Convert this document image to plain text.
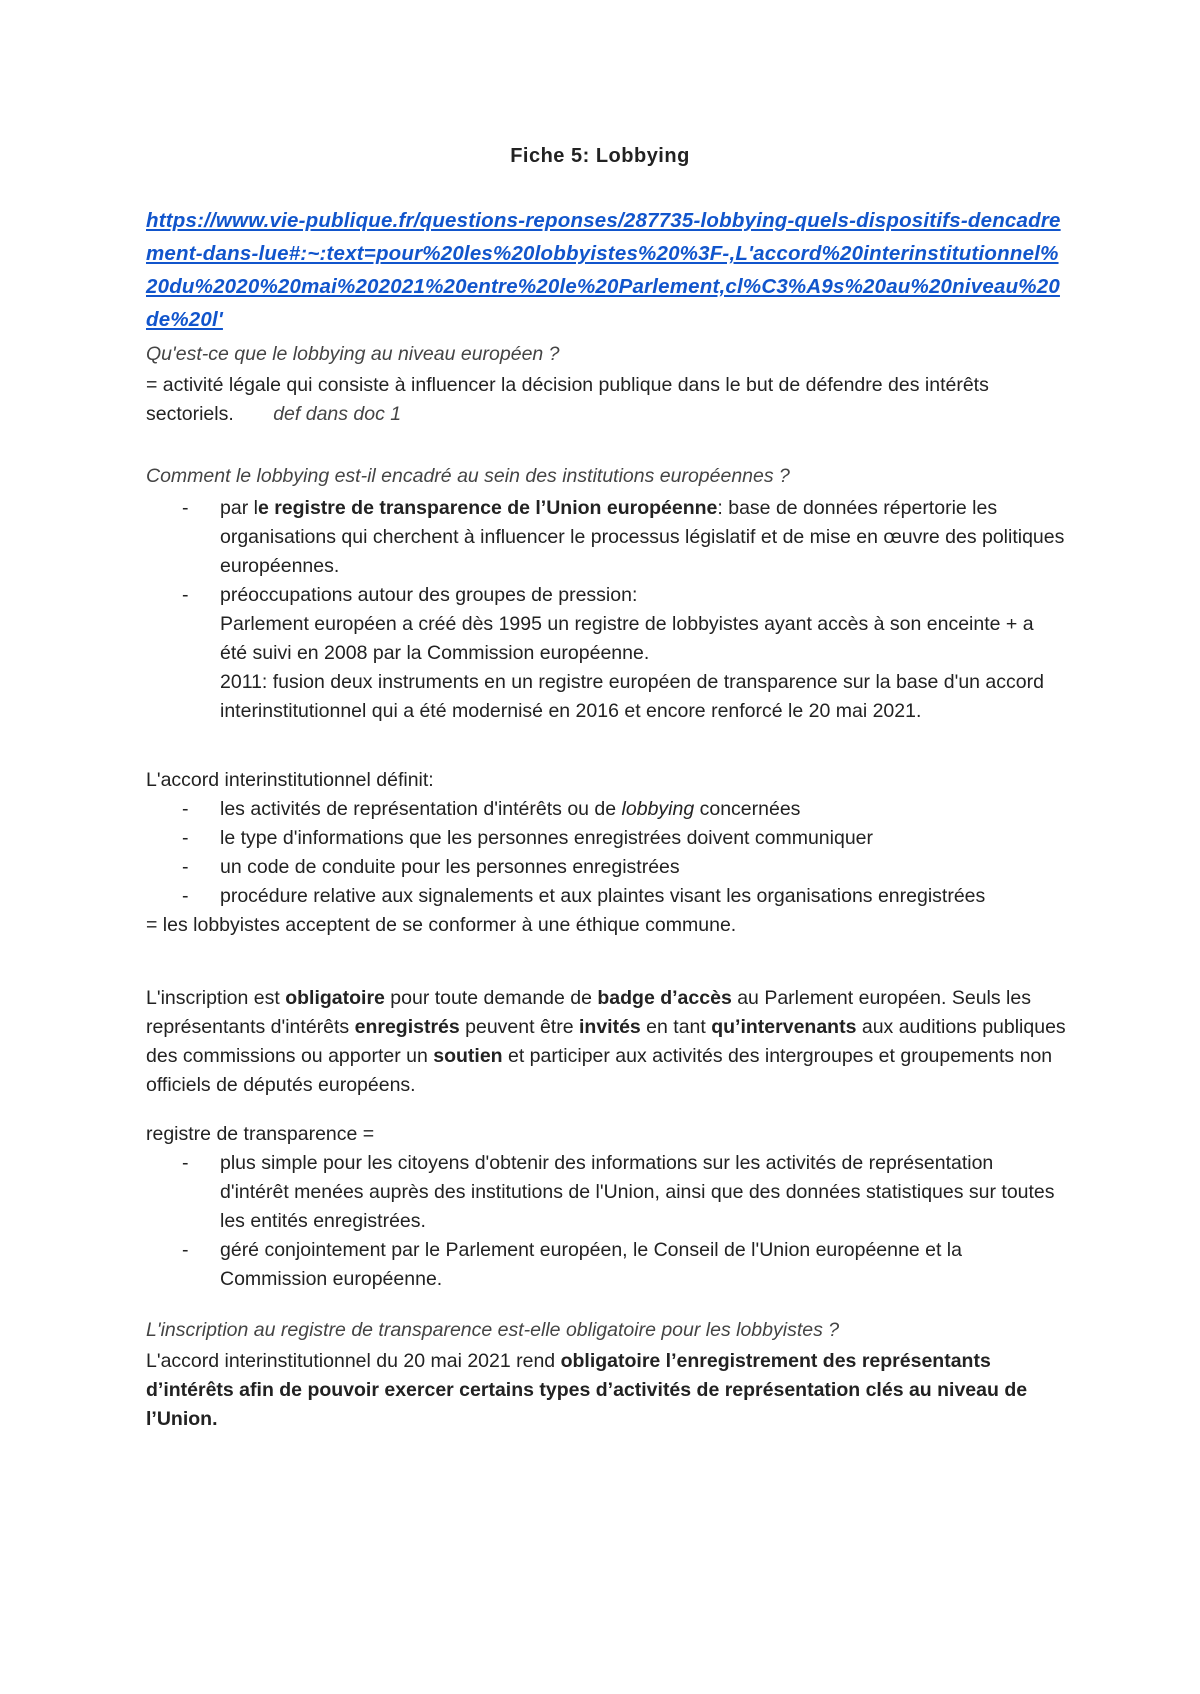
Fiche 5: Lobbying
https://www.vie-publique.fr/questions-reponses/287735-lobbying-quels-dispositifs-dencadrement-dans-lue#:~:text=pour%20les%20lobbyistes%20%3F-,L'accord%20interinstitutionnel%20du%2020%20mai%202021%20entre%20le%20Parlement,cl%C3%A9s%20au%20niveau%20de%20l'
Qu'est-ce que le lobbying au niveau européen ?
= activité légale qui consiste à influencer la décision publique dans le but de défendre des intérêts sectoriels. def dans doc 1
Comment le lobbying est-il encadré au sein des institutions européennes ?
- par le registre de transparence de l’Union européenne: base de données répertorie les organisations qui cherchent à influencer le processus législatif et de mise en œuvre des politiques européennes.
- préoccupations autour des groupes de pression:
Parlement européen a créé dès 1995 un registre de lobbyistes ayant accès à son enceinte + a été suivi en 2008 par la Commission européenne.
2011: fusion deux instruments en un registre européen de transparence sur la base d'un accord interinstitutionnel qui a été modernisé en 2016 et encore renforcé le 20 mai 2021.
L'accord interinstitutionnel définit:
- les activités de représentation d'intérêts ou de lobbying concernées
- le type d'informations que les personnes enregistrées doivent communiquer
- un code de conduite pour les personnes enregistrées
- procédure relative aux signalements et aux plaintes visant les organisations enregistrées
= les lobbyistes acceptent de se conformer à une éthique commune.

L'inscription est obligatoire pour toute demande de badge d’accès au Parlement européen. Seuls les représentants d'intérêts enregistrés peuvent être invités en tant qu’intervenants aux auditions publiques des commissions ou apporter un soutien et participer aux activités des intergroupes et groupements non officiels de députés européens.

registre de transparence =
- plus simple pour les citoyens d'obtenir des informations sur les activités de représentation d'intérêt menées auprès des institutions de l'Union, ainsi que des données statistiques sur toutes les entités enregistrées.
- géré conjointement par le Parlement européen, le Conseil de l'Union européenne et la Commission européenne.
L'inscription au registre de transparence est-elle obligatoire pour les lobbyistes ?

L'accord interinstitutionnel du 20 mai 2021 rend obligatoire l’enregistrement des représentants d’intérêts afin de pouvoir exercer certains types d’activités de représentation clés au niveau de l’Union.
